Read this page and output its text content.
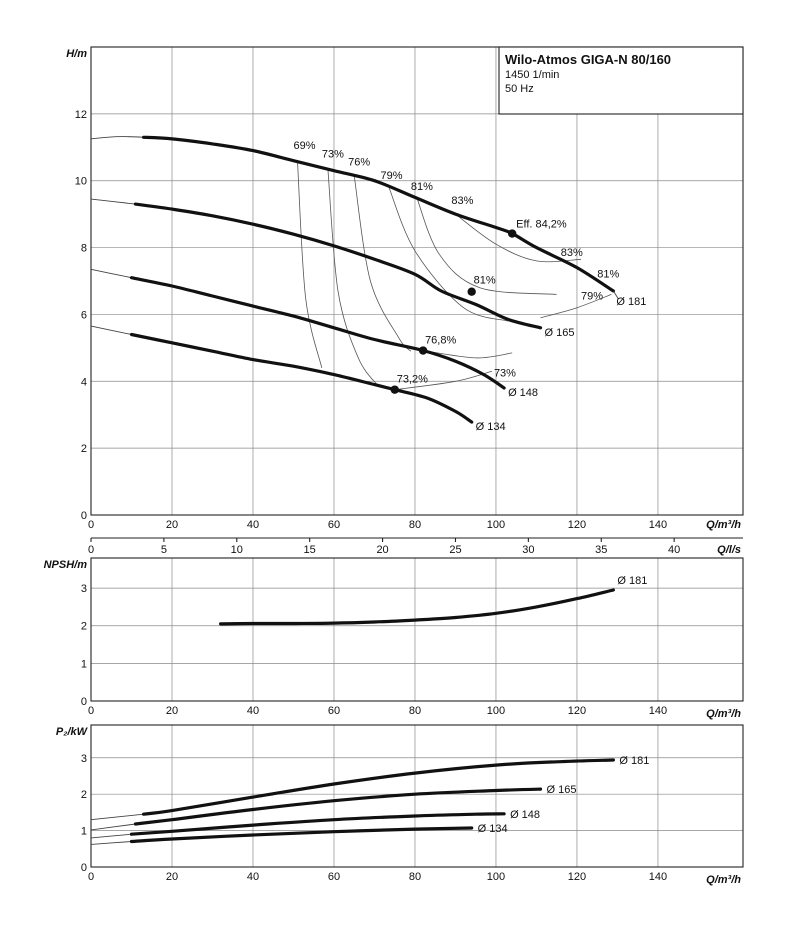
0	20	40	60	80	100	120	140
0
2
4
6
8
10
12
H/m
Q/m³/h
0	5	10	15	20	25	30	35	40	Q/l/s
Eff. 84,2%
81%
76,8%
73,2%
69%
73%
76%
79%
81%
83%
83%
81%
79%
73%
Ø 181
Ø 165
Ø 148
Ø 134
0	20	40	60	80	100	120	140
0
1
2
3
NPSH/m
Q/m³/h
Ø 181
0	20	40	60	80	100	120	140
0
1
2
3
P₂/kW
Q/m³/h
Ø 181
Ø 165
Ø 148
Ø 134
Wilo-Atmos GIGA-N 80/160
1450 1/min
50 Hz
